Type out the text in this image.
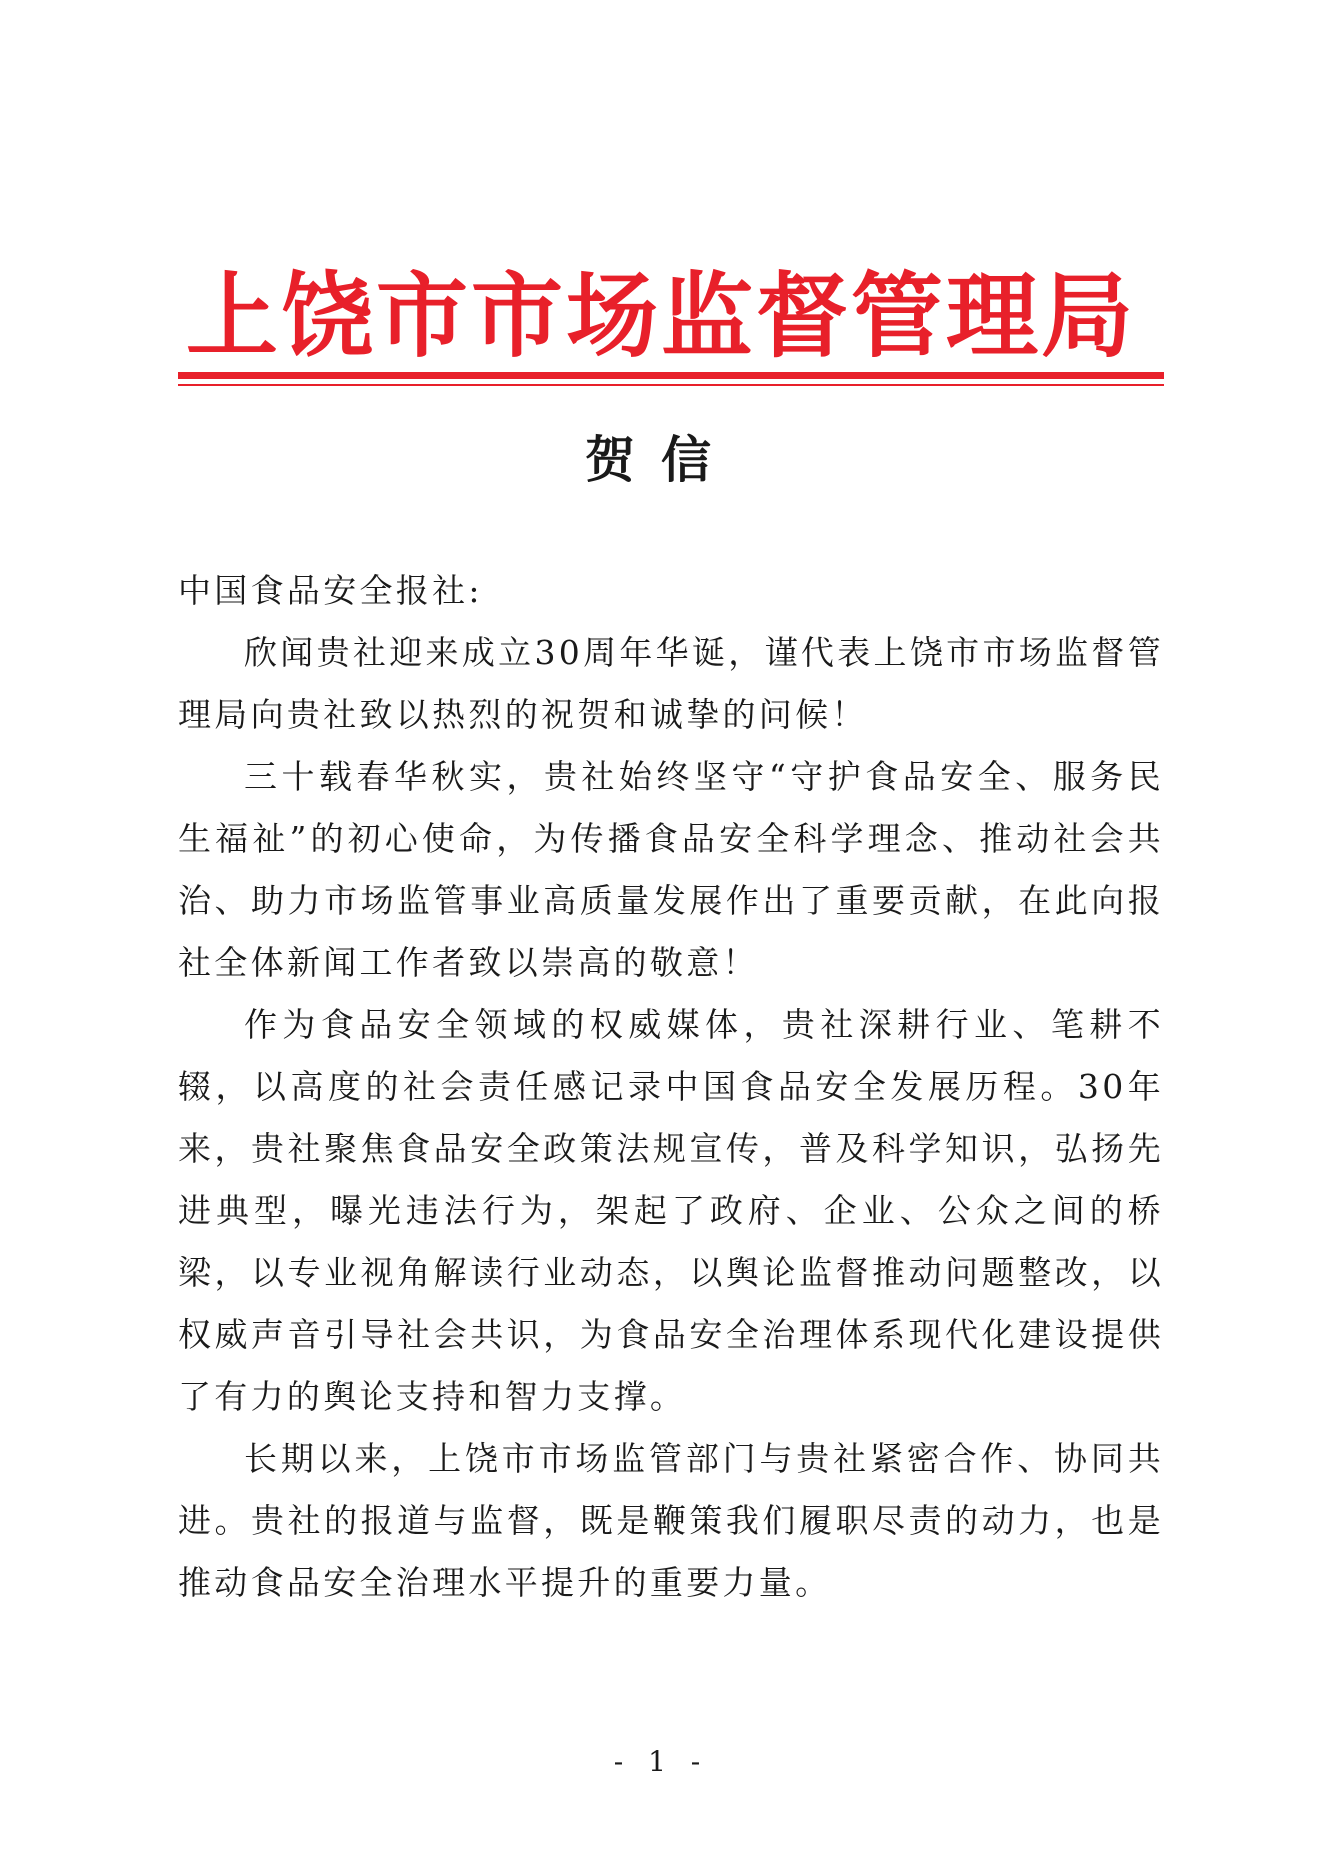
上饶市市场监督管理局
贺信

中国食品安全报社:

欣闻贵社迎来成立30周年华诞，谨代表上饶市市场监督管理局向贵社致以热烈的祝贺和诚挚的问候！

三十载春华秋实，贵社始终坚守“守护食品安全、服务民生福祉”的初心使命，为传播食品安全科学理念、推动社会共治、助力市场监管事业高质量发展作出了重要贡献，在此向报社全体新闻工作者致以崇高的敬意！

作为食品安全领域的权威媒体，贵社深耕行业、笔耕不辍，以高度的社会责任感记录中国食品安全发展历程。30年来，贵社聚焦食品安全政策法规宣传，普及科学知识，弘扬先进典型，曝光违法行为，架起了政府、企业、公众之间的桥梁，以专业视角解读行业动态，以舆论监督推动问题整改，以权威声音引导社会共识，为食品安全治理体系现代化建设提供了有力的舆论支持和智力支撑。

长期以来，上饶市市场监管部门与贵社紧密合作、协同共进。贵社的报道与监督，既是鞭策我们履职尽责的动力，也是推动食品安全治理水平提升的重要力量。

- 1 -
